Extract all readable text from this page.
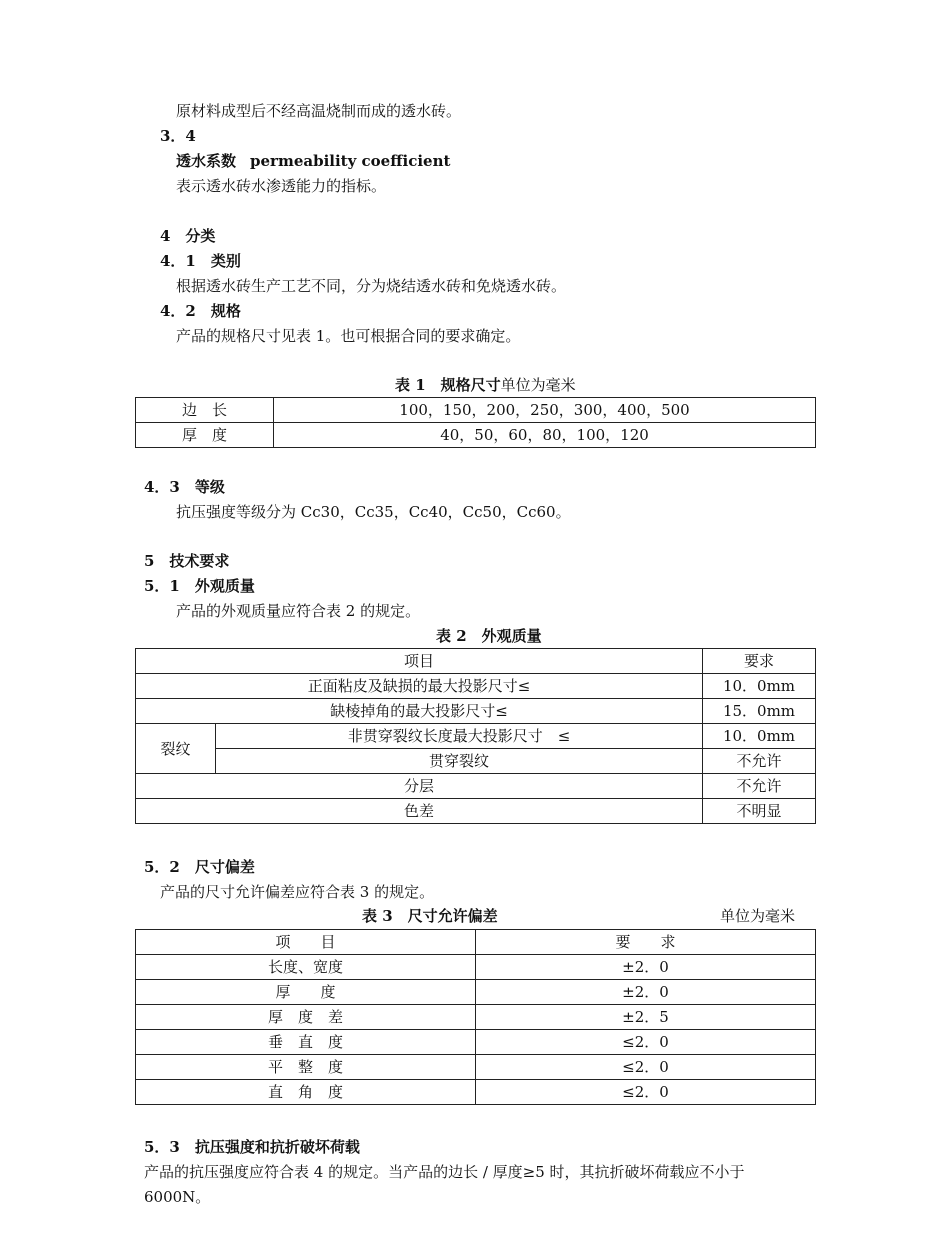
原材料成型后不经高温烧制而成的透水砖。
3．4
透水系数 permeability coefficient
表示透水砖水渗透能力的指标。
4　分类
4．1　类别
根据透水砖生产工艺不同，分为烧结透水砖和免烧透水砖。
4．2　规格
产品的规格尺寸见表 1。也可根据合同的要求确定。
表 1　规格尺寸单位为毫米
边　长	100，150，200，250，300，400，500
厚　度	40，50，60，80，100，120
4．3　等级
抗压强度等级分为 Cc30，Cc35，Cc40，Cc50，Cc60。
5　技术要求
5．1　外观质量
产品的外观质量应符合表 2 的规定。
表 2　外观质量
项目		要求
正面粘皮及缺损的最大投影尺寸≤		10．0mm
缺棱掉角的最大投影尺寸≤		15．0mm
裂纹	非贯穿裂纹长度最大投影尺寸　≤	10．0mm
	贯穿裂纹	不允许
分层		不允许
色差		不明显
5．2　尺寸偏差
产品的尺寸允许偏差应符合表 3 的规定。
表 3　尺寸允许偏差	单位为毫米
项　　目	要　　求
长度、宽度	±2．0
厚　　度	±2．0
厚　度　差	±2．5
垂　直　度	≤2．0
平　整　度	≤2．0
直　角　度	≤2．0
5．3　抗压强度和抗折破坏荷载
产品的抗压强度应符合表 4 的规定。当产品的边长 / 厚度≥5 时，其抗折破坏荷载应不小于
6000N。
